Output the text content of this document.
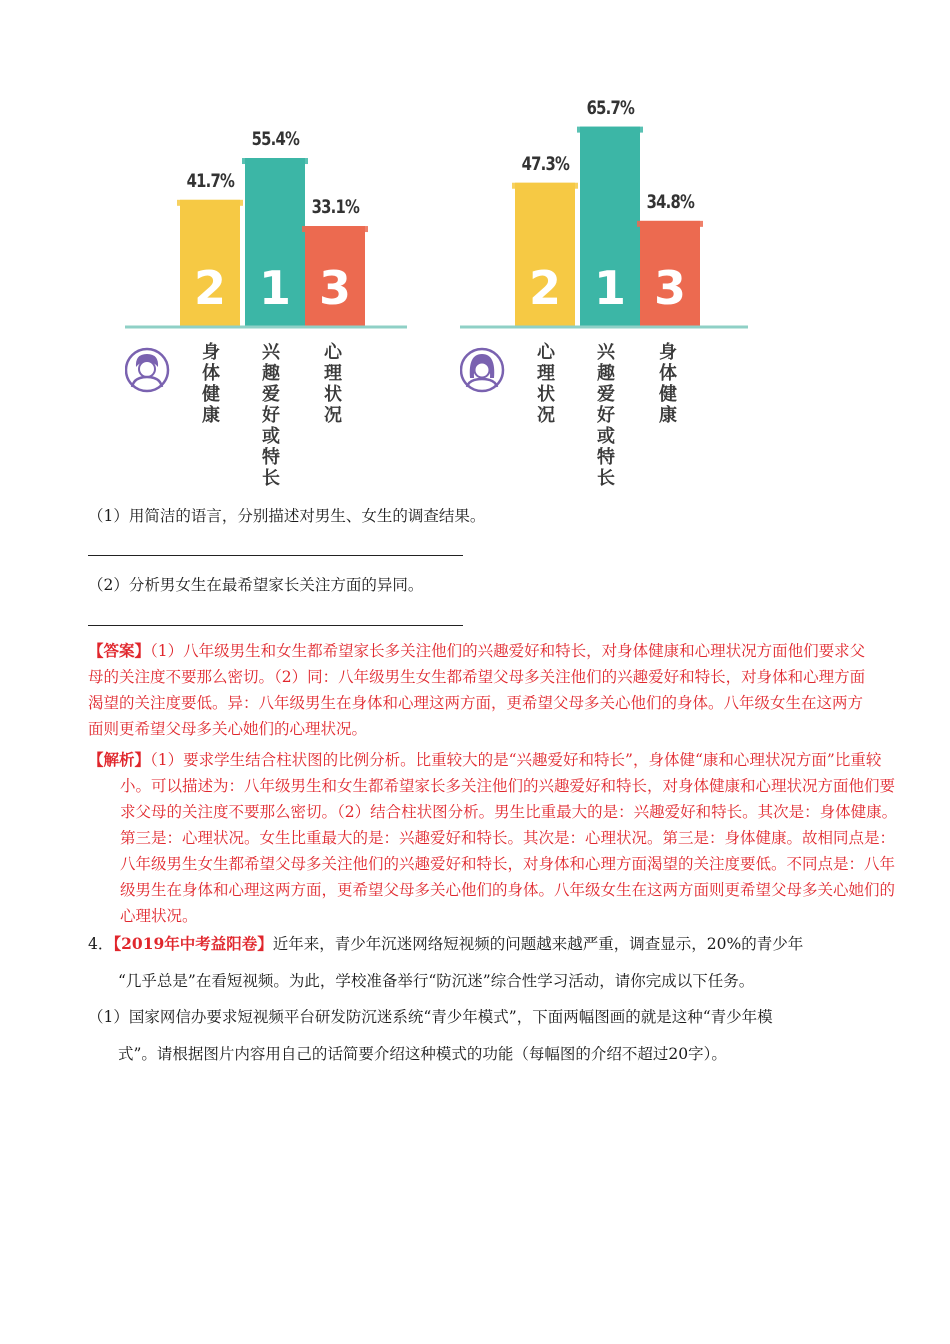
41.7%
2
身体健康
55.4%
1
兴趣爱好或特长
33.1%
3
心理状况
47.3%
2
心理状况
65.7%
1
兴趣爱好或特长
34.8%
3
身体健康
（1）用简洁的语言，分别描述对男生、女生的调查结果。
（2）分析男女生在最希望家长关注方面的异同。
【答案】（1）八年级男生和女生都希望家长多关注他们的兴趣爱好和特长，对身体健康和心理状况方面他们要求父母的关注度不要那么密切。（2）同：八年级男生女生都希望父母多关注他们的兴趣爱好和特长，对身体和心理方面渴望的关注度要低。异：八年级男生在身体和心理这两方面，更希望父母多关心他们的身体。八年级女生在这两方面则更希望父母多关心她们的心理状况。
【解析】（1）要求学生结合柱状图的比例分析。比重较大的是“兴趣爱好和特长”，身体健“康和心理状况方面”比重较小。可以描述为：八年级男生和女生都希望家长多关注他们的兴趣爱好和特长，对身体健康和心理状况方面他们要求父母的关注度不要那么密切。（2）结合柱状图分析。男生比重最大的是：兴趣爱好和特长。其次是：身体健康。第三是：心理状况。女生比重最大的是：兴趣爱好和特长。其次是：心理状况。第三是：身体健康。故相同点是：八年级男生女生都希望父母多关注他们的兴趣爱好和特长，对身体和心理方面渴望的关注度要低。不同点是：八年级男生在身体和心理这两方面，更希望父母多关心他们的身体。八年级女生在这两方面则更希望父母多关心她们的心理状况。
4．【2019年中考益阳卷】近年来，青少年沉迷网络短视频的问题越来越严重，调查显示，20%的青少年
“几乎总是”在看短视频。为此，学校准备举行“防沉迷”综合性学习活动，请你完成以下任务。
（1）国家网信办要求短视频平台研发防沉迷系统“青少年模式”，下面两幅图画的就是这种“青少年模
式”。请根据图片内容用自己的话简要介绍这种模式的功能（每幅图的介绍不超过20字）。
